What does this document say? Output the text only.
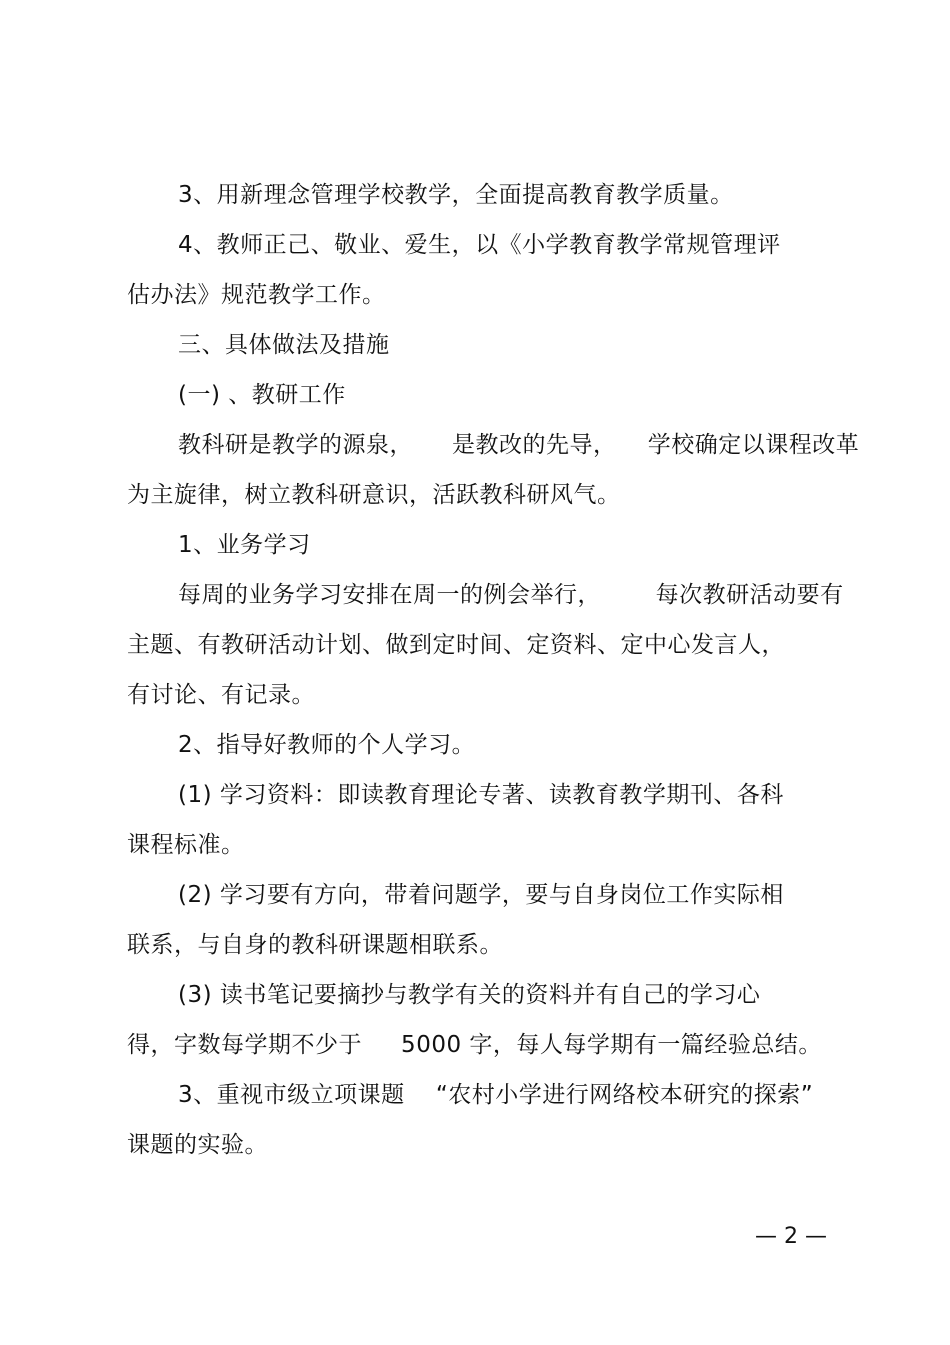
3、用新理念管理学校教学，全面提高教育教学质量。
4、教师正己、敬业、爱生，以《小学教育教学常规管理评
估办法》规范教学工作。
三、具体做法及措施
(一) 、教研工作
教科研是教学的源泉，     是教改的先导，    学校确定以课程改革
为主旋律，树立教科研意识，活跃教科研风气。
1、业务学习
每周的业务学习安排在周一的例会举行，       每次教研活动要有
主题、有教研活动计划、做到定时间、定资料、定中心发言人，
有讨论、有记录。
2、指导好教师的个人学习。
(1) 学习资料：即读教育理论专著、读教育教学期刊、各科
课程标准。
(2) 学习要有方向，带着问题学，要与自身岗位工作实际相
联系，与自身的教科研课题相联系。
(3) 读书笔记要摘抄与教学有关的资料并有自己的学习心
得，字数每学期不少于     5000 字，每人每学期有一篇经验总结。
3、重视市级立项课题    “农村小学进行网络校本研究的探索”
课题的实验。
— 2 —
